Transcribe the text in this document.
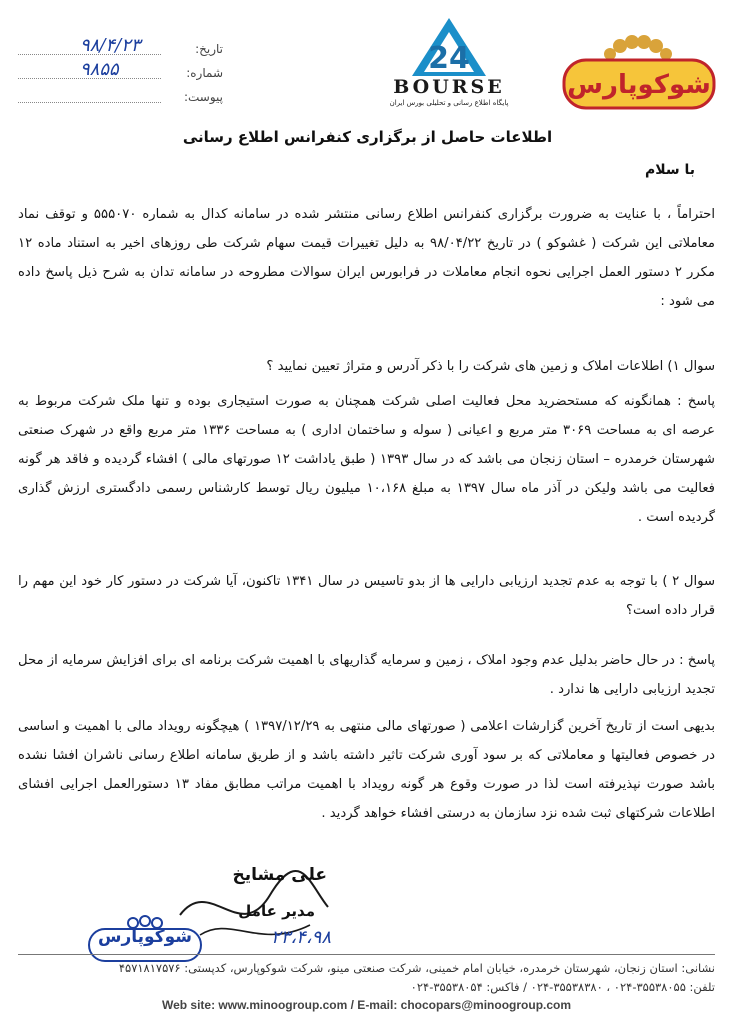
تاریخ:
۹۸/۴/۲۳
شماره:
۹۸۵۵
پیوست:
24
BOURSE
پایگاه اطلاع رسانی و تحلیلی بورس ایران
شوکوپارس
اطلاعات حاصل از برگزاری کنفرانس اطلاع رسانی
با سلام
احتراماً ، با عنایت به ضرورت برگزاری کنفرانس اطلاع رسانی منتشر شده در سامانه کدال به شماره ۵۵۵۰۷۰ و توقف نماد معاملاتی این شرکت ( غشوکو ) در تاریخ ۹۸/۰۴/۲۲ به دلیل تغییرات قیمت سهام شرکت طی روزهای اخیر به استناد ماده ۱۲ مکرر ۲ دستور العمل اجرایی نحوه انجام معاملات در فرابورس ایران سوالات مطروحه در سامانه تدان به شرح ذیل پاسخ داده می شود :
سوال ۱) اطلاعات املاک و زمین های شرکت را با ذکر آدرس و متراژ تعیین نمایید ؟
پاسخ : همانگونه که مستحضرید محل فعالیت اصلی شرکت همچنان به صورت استیجاری بوده و تنها ملک شرکت مربوط به عرصه ای به مساحت ۳۰۶۹ متر مربع و اعیانی ( سوله و ساختمان اداری ) به مساحت ۱۳۳۶ متر مربع واقع در شهرک صنعتی شهرستان خرمدره – استان زنجان می باشد که در سال ۱۳۹۳ ( طبق یاداشت ۱۲ صورتهای مالی ) افشاء گردیده و فاقد هر گونه فعالیت می باشد ولیکن در آذر ماه سال ۱۳۹۷ به مبلغ ۱۰،۱۶۸ میلیون ریال توسط کارشناس رسمی دادگستری ارزش گذاری گردیده است .
سوال ۲ ) با توجه به عدم تجدید ارزیابی دارایی ها از بدو تاسیس در سال ۱۳۴۱ تاکنون، آیا شرکت در دستور کار خود این مهم را قرار داده است؟
پاسخ : در حال حاضر بدلیل عدم وجود املاک ، زمین و سرمایه گذاریهای با اهمیت شرکت برنامه ای برای افزایش سرمایه از محل تجدید ارزیابی دارایی ها ندارد .
بدیهی است از تاریخ آخرین گزارشات اعلامی ( صورتهای مالی منتهی به ۱۳۹۷/۱۲/۲۹ ) هیچگونه رویداد مالی با اهمیت و اساسی در خصوص فعالیتها و معاملاتی که بر سود آوری شرکت تاثیر داشته باشد و از طریق سامانه اطلاع رسانی ناشران افشا نشده باشد صورت نپذیرفته است لذا در صورت وقوع هر گونه رویداد با اهمیت مراتب مطابق مفاد ۱۳ دستورالعمل اجرایی افشای اطلاعات شرکتهای ثبت شده نزد سازمان به درستی افشاء خواهد گردید .
علی مشایخ
مدیر عامل
۲۳،۴،۹۸
شوکوپارس
نشانی: استان زنجان، شهرستان خرمدره، خیابان امام خمینی، شرکت صنعتی مینو، شرکت شوکوپارس، کدپستی: ۴۵۷۱۸۱۷۵۷۶
تلفن: ۳۵۵۳۸۰۵۵-۰۲۴ ، ۳۵۵۳۸۳۸۰-۰۲۴ / فاکس: ۳۵۵۳۸۰۵۴-۰۲۴
Web site: www.minoogroup.com / E-mail: chocopars@minoogroup.com
